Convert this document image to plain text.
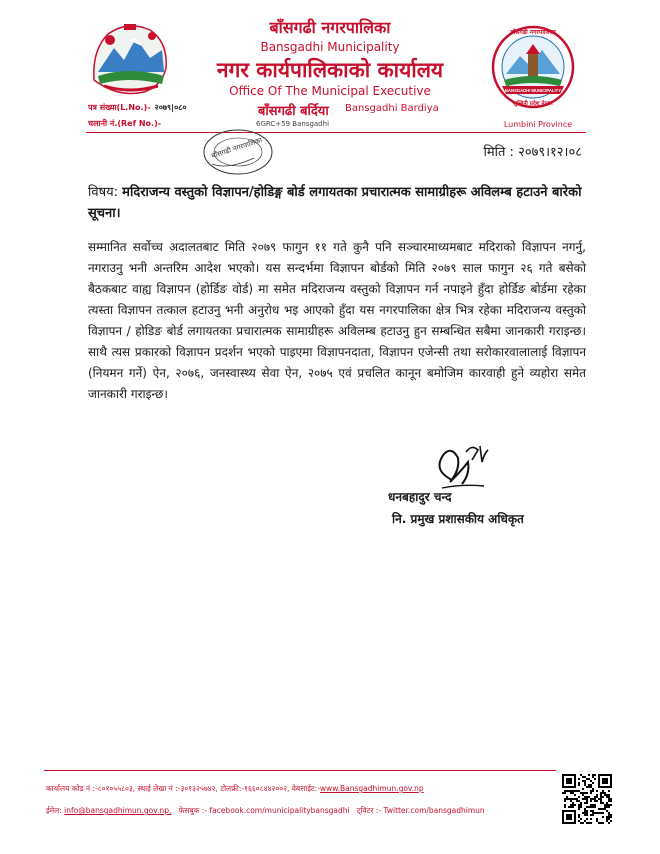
बाँसगढी नगरपालिका
Bansgadhi Municipality
नगर कार्यपालिकाको कार्यालय
Office Of The Municipal Executive
बाँसगढी बर्दिया Bansgadhi Bardiya
6GRC+59 Bansgadhi
BANSGADHI MUNICIPALITY
बाँसगढी नगरपालिका
लुम्बिनी प्रदेश नेपाल
Lumbini Province
पत्र संख्या(L.No.)- २०७९|०८०
चलानी नं.(Ref No.)-
बाँसगढी नगरपालिका	मिति : २०७९।१२।०८
विषय: मदिराजन्य वस्तुको विज्ञापन/होडिङ्ग बोर्ड लगायतका प्रचारात्मक सामाग्रीहरू अविलम्ब हटाउने बारेको सूचना।
सम्मानित सर्वोच्च अदालतबाट मिति २०७९ फागुन ११ गते कुनै पनि सञ्चारमाध्यमबाट मदिराको विज्ञापन नगर्नु, नगराउनु भनी अन्तरिम आदेश भएको। यस सन्दर्भमा विज्ञापन बोर्डको मिति २०७९ साल फागुन २६ गते बसेको बैठकबाट वाह्य विज्ञापन (होर्डिङ वोर्ड) मा समेत मदिराजन्य वस्तुको विज्ञापन गर्न नपाइने हुँदा होर्डिङ बोर्डमा रहेका त्यस्ता विज्ञापन तत्काल हटाउनु भनी अनुरोध भइ आएको हुँदा यस नगरपालिका क्षेत्र भित्र रहेका मदिराजन्य वस्तुको विज्ञापन / होडिङ बोर्ड लगायतका प्रचारात्मक सामाग्रीहरू अविलम्ब हटाउनु हुन सम्बन्धित सबैमा जानकारी गराइन्छ। साथै त्यस प्रकारको विज्ञापन प्रदर्शन भएको पाइएमा विज्ञापनदाता, विज्ञापन एजेन्सी तथा सरोकारवालालाई विज्ञापन (नियमन गर्ने) ऐन, २०७६, जनस्वास्थ्य सेवा ऐन, २०७५ एवं प्रचलित कानून बमोजिम कारवाही हुने व्यहोरा समेत जानकारी गराइन्छ।
धनबहादुर चन्द
नि. प्रमुख प्रशासकीय अधिकृत
कार्यालय कोड नं :-८०१०५५८०३, स्थाई लेखा नं :-३०१३२५७४२, टोलफ्री:-१६६०८४४२००२, वेबसाईट:-www.Bansgadhimun.gov.np
ईमेल: info@bansgadhimun.gov.np, फेसबुक :- facebook.com/municipalitybansgadhi ट्विटर :- Twitter.com/bansgadhimun
